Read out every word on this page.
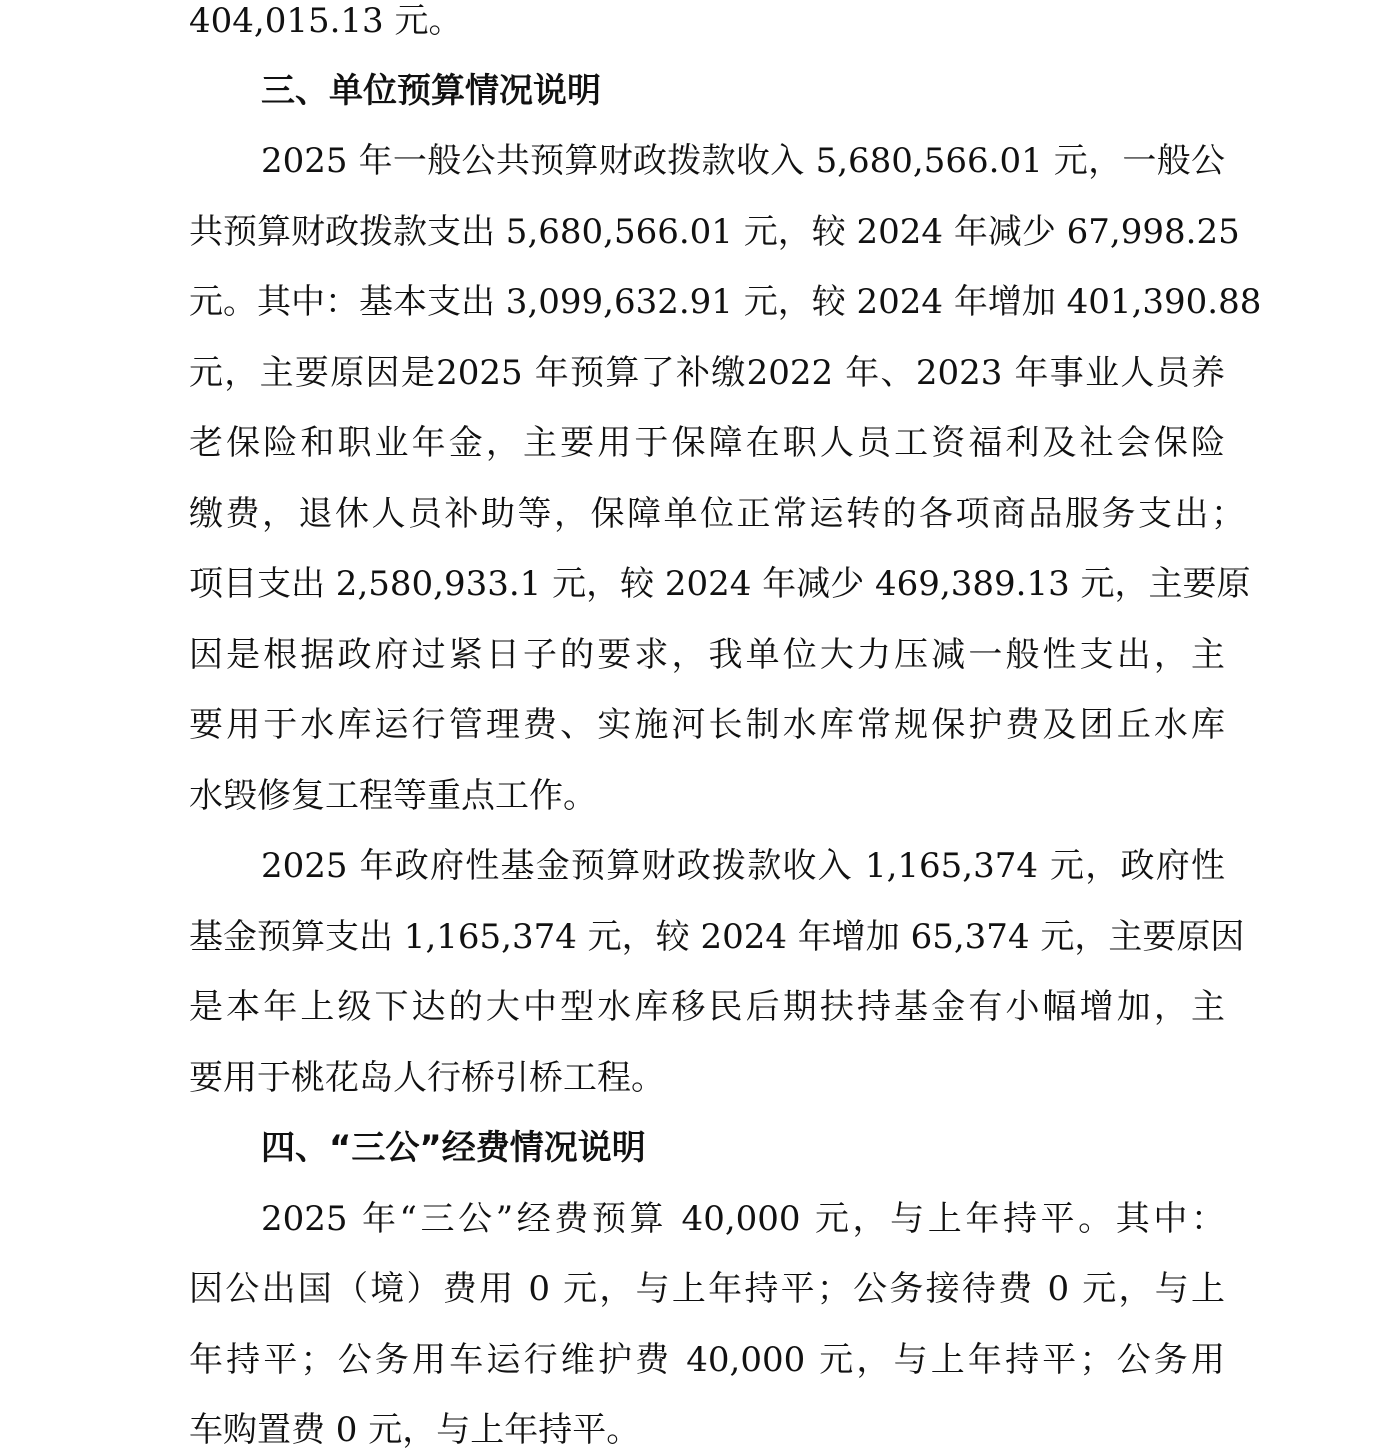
404,015.13 元。
三、单位预算情况说明
2025 年一般公共预算财政拨款收入 5,680,566.01 元，一般公
共预算财政拨款支出 5,680,566.01 元，较 2024 年减少 67,998.25
元。其中：基本支出 3,099,632.91 元，较 2024 年增加 401,390.88
元，主要原因是2025 年预算了补缴2022 年、2023 年事业人员养
老保险和职业年金，主要用于保障在职人员工资福利及社会保险
缴费，退休人员补助等，保障单位正常运转的各项商品服务支出；
项目支出 2,580,933.1 元，较 2024 年减少 469,389.13 元，主要原
因是根据政府过紧日子的要求，我单位大力压减一般性支出，主
要用于水库运行管理费、实施河长制水库常规保护费及团丘水库
水毁修复工程等重点工作。
2025 年政府性基金预算财政拨款收入 1,165,374 元，政府性
基金预算支出 1,165,374 元，较 2024 年增加 65,374 元，主要原因
是本年上级下达的大中型水库移民后期扶持基金有小幅增加，主
要用于桃花岛人行桥引桥工程。
四、“三公”经费情况说明
2025 年“三公”经费预算 40,000 元，与上年持平。其中：
因公出国（境）费用 0 元，与上年持平；公务接待费 0 元，与上
年持平；公务用车运行维护费 40,000 元，与上年持平；公务用
车购置费 0 元，与上年持平。
